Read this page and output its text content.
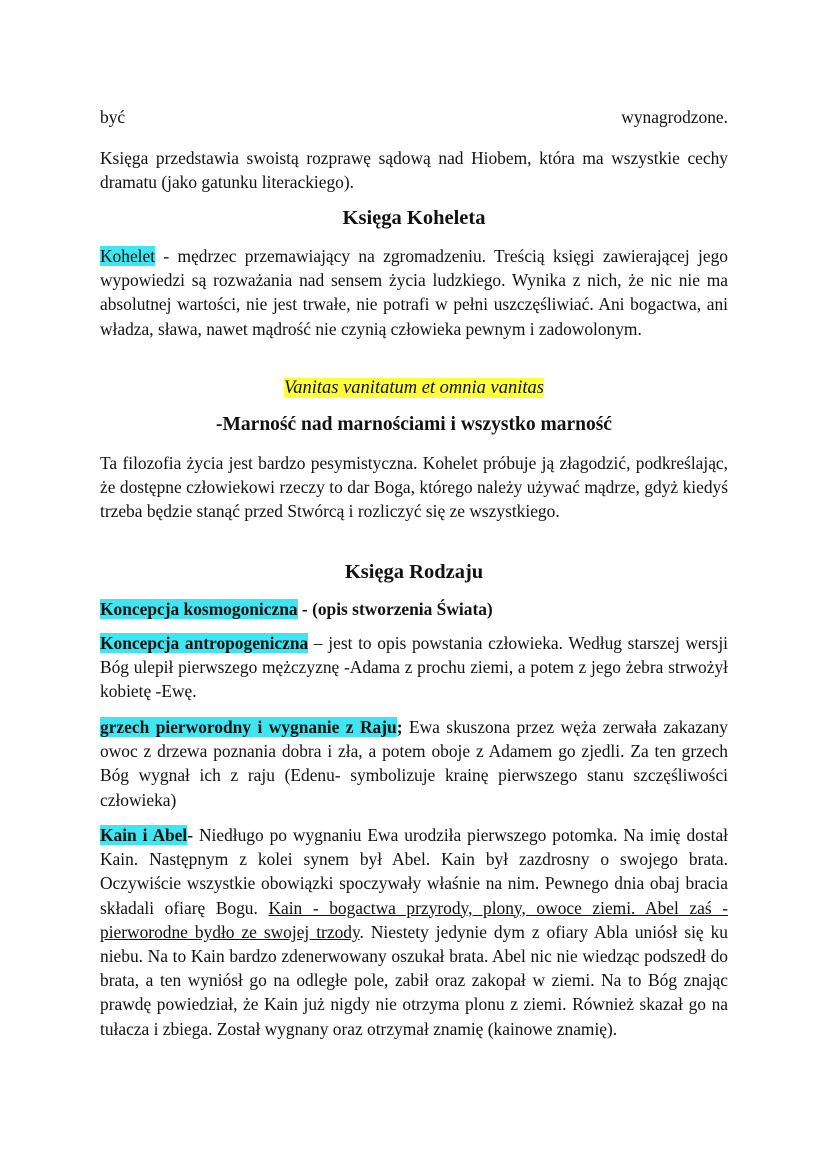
być	wynagrodzone.

Księga przedstawia swoistą rozprawę sądową nad Hiobem, która ma wszystkie cechy dramatu (jako gatunku literackiego).

Księga Koheleta

Kohelet - mędrzec przemawiający na zgromadzeniu. Treścią księgi zawierającej jego wypowiedzi są rozważania nad sensem życia ludzkiego. Wynika z nich, że nic nie ma absolutnej wartości, nie jest trwałe, nie potrafi w pełni uszczęśliwiać. Ani bogactwa, ani władza, sława, nawet mądrość nie czynią człowieka pewnym i zadowolonym.

Vanitas vanitatum et omnia vanitas
-Marność nad marnościami i wszystko marność

Ta filozofia życia jest bardzo pesymistyczna. Kohelet próbuje ją złagodzić, podkreślając, że dostępne człowiekowi rzeczy to dar Boga, którego należy używać mądrze, gdyż kiedyś trzeba będzie stanąć przed Stwórcą i rozliczyć się ze wszystkiego.

Księga Rodzaju

Koncepcja kosmogoniczna - (opis stworzenia Świata)

Koncepcja antropogeniczna – jest to opis powstania człowieka. Według starszej wersji Bóg ulepił pierwszego mężczyznę -Adama z prochu ziemi, a potem z jego żebra strwożył kobietę -Ewę.

grzech pierworodny i wygnanie z Raju; Ewa skuszona przez węża zerwała zakazany owoc z drzewa poznania dobra i zła, a potem oboje z Adamem go zjedli. Za ten grzech Bóg wygnał ich z raju (Edenu- symbolizuje krainę pierwszego stanu szczęśliwości człowieka)

Kain i Abel- Niedługo po wygnaniu Ewa urodziła pierwszego potomka. Na imię dostał Kain. Następnym z kolei synem był Abel. Kain był zazdrosny o swojego brata. Oczywiście wszystkie obowiązki spoczywały właśnie na nim. Pewnego dnia obaj bracia składali ofiarę Bogu. Kain - bogactwa przyrody, plony, owoce ziemi. Abel zaś - pierworodne bydło ze swojej trzody. Niestety jedynie dym z ofiary Abla uniósł się ku niebu. Na to Kain bardzo zdenerwowany oszukał brata. Abel nic nie wiedząc podszedł do brata, a ten wyniósł go na odległe pole, zabił oraz zakopał w ziemi. Na to Bóg znając prawdę powiedział, że Kain już nigdy nie otrzyma plonu z ziemi. Również skazał go na tułacza i zbiega. Został wygnany oraz otrzymał znamię (kainowe znamię).
